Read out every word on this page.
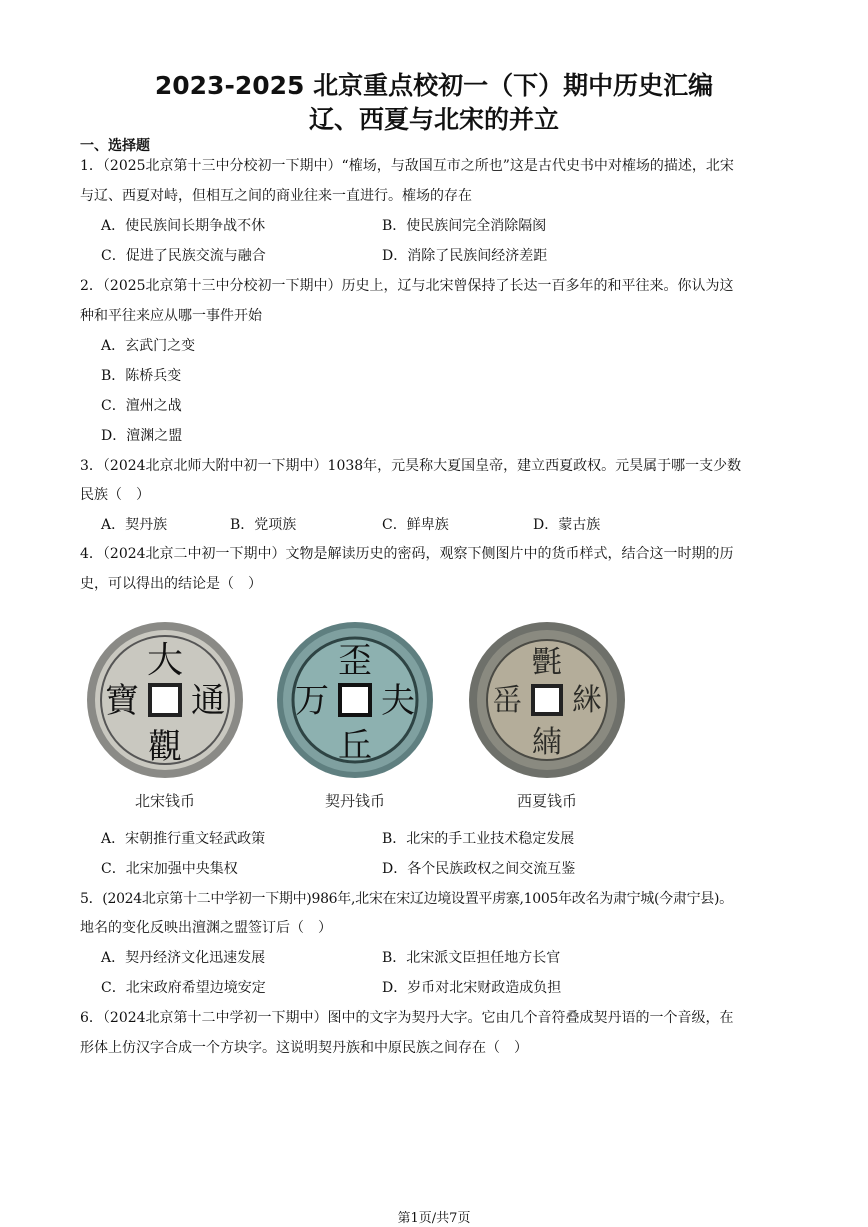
2023-2025 北京重点校初一（下）期中历史汇编
辽、西夏与北宋的并立
一、选择题
1．（2025北京第十三中分校初一下期中）“榷场，与敌国互市之所也”这是古代史书中对榷场的描述，北宋
与辽、西夏对峙，但相互之间的商业往来一直进行。榷场的存在
A．使民族间长期争战不休	B．使民族间完全消除隔阂
C．促进了民族交流与融合	D．消除了民族间经济差距
2．（2025北京第十三中分校初一下期中）历史上，辽与北宋曾保持了长达一百多年的和平往来。你认为这
种和平往来应从哪一事件开始
A．玄武门之变
B．陈桥兵变
C．澶州之战
D．澶渊之盟
3．（2024北京北师大附中初一下期中）1038年，元昊称大夏国皇帝，建立西夏政权。元昊属于哪一支少数
民族（　）
A．契丹族	B．党项族	C．鲜卑族	D．蒙古族
4．（2024北京二中初一下期中）文物是解读历史的密码，观察下侧图片中的货币样式，结合这一时期的历
史，可以得出的结论是（　）
大
通
觀
寶
北宋钱币
歪
夫
丘
万
契丹钱币
㲲
䋛
䋻
䍃
西夏钱币
A．宋朝推行重文轻武政策	B．北宋的手工业技术稳定发展
C．北宋加强中央集权	D．各个民族政权之间交流互鉴
5．(2024北京第十二中学初一下期中)986年,北宋在宋辽边境设置平虏寨,1005年改名为肃宁城(今肃宁县)。
地名的变化反映出澶渊之盟签订后（　）
A．契丹经济文化迅速发展	B．北宋派文臣担任地方长官
C．北宋政府希望边境安定	D．岁币对北宋财政造成负担
6．（2024北京第十二中学初一下期中）图中的文字为契丹大字。它由几个音符叠成契丹语的一个音级，在
形体上仿汉字合成一个方块字。这说明契丹族和中原民族之间存在（　）
第1页/共7页
